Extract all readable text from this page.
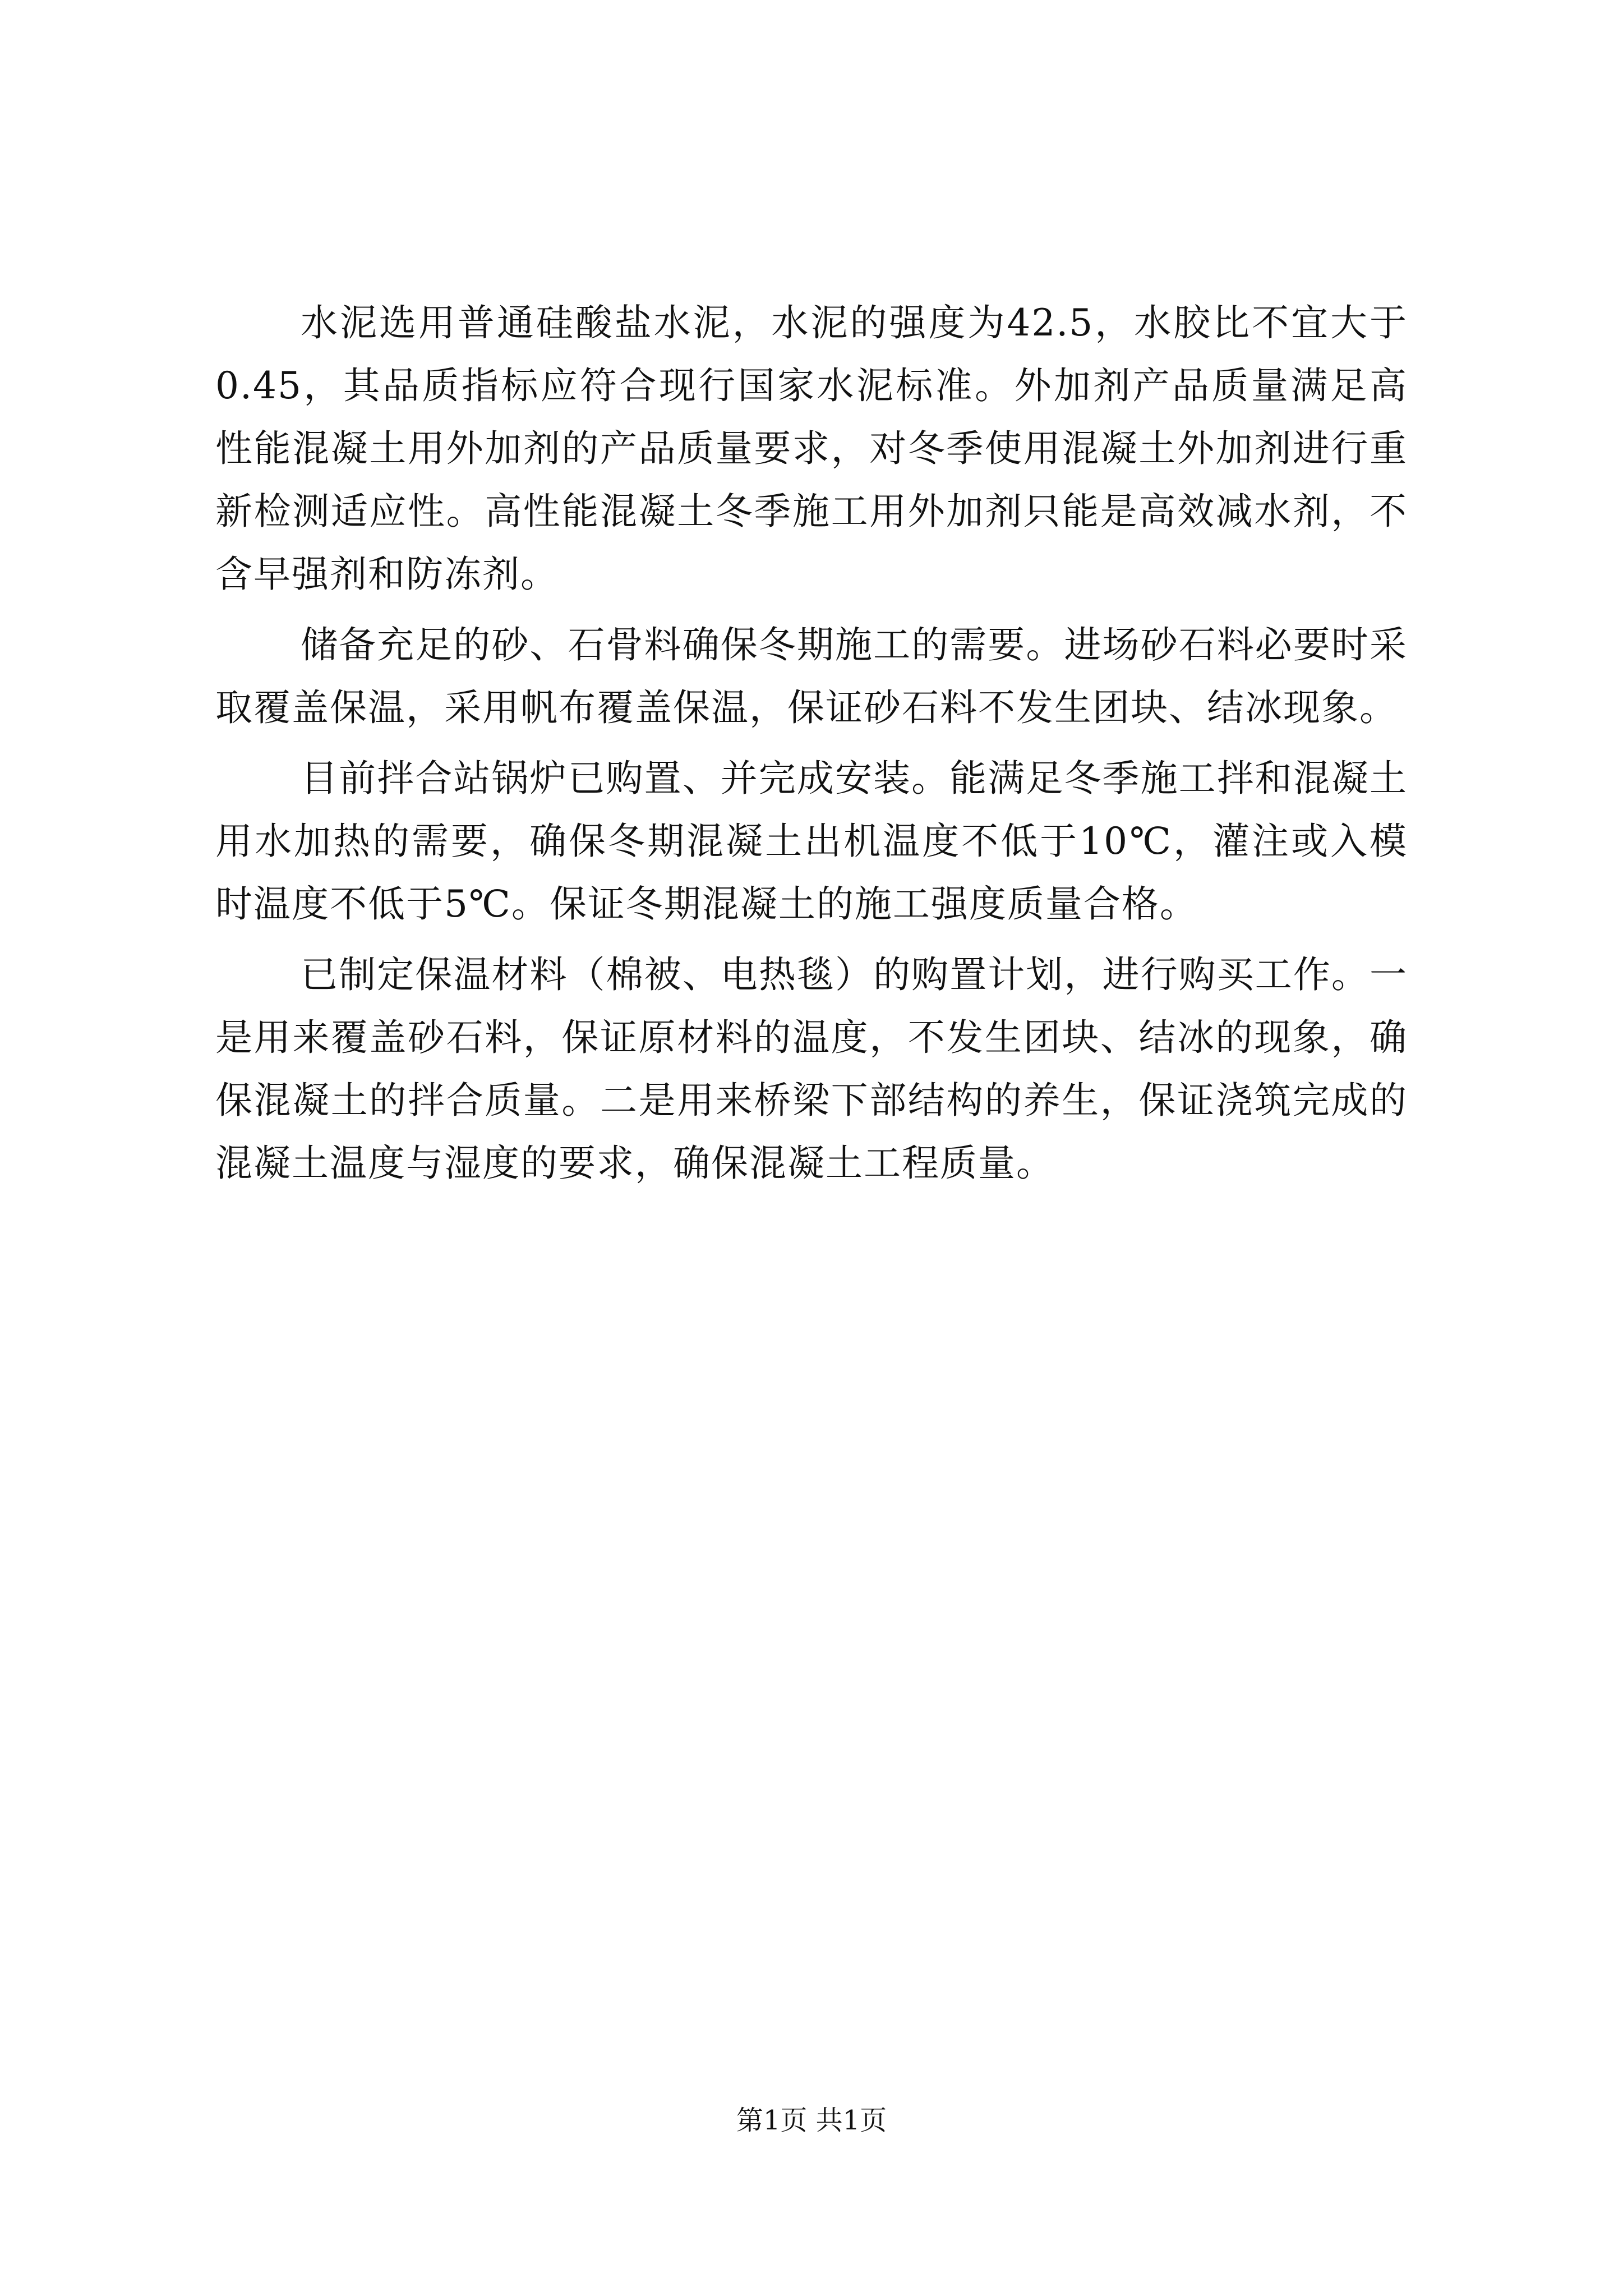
水泥选用普通硅酸盐水泥，水泥的强度为42.5，水胶比不宜大于0.45，其品质指标应符合现行国家水泥标准。外加剂产品质量满足高性能混凝土用外加剂的产品质量要求，对冬季使用混凝土外加剂进行重新检测适应性。高性能混凝土冬季施工用外加剂只能是高效减水剂，不含早强剂和防冻剂。

储备充足的砂、石骨料确保冬期施工的需要。进场砂石料必要时采取覆盖保温，采用帆布覆盖保温，保证砂石料不发生团块、结冰现象。

目前拌合站锅炉已购置、并完成安装。能满足冬季施工拌和混凝土用水加热的需要，确保冬期混凝土出机温度不低于10℃，灌注或入模时温度不低于5℃。保证冬期混凝土的施工强度质量合格。

已制定保温材料（棉被、电热毯）的购置计划，进行购买工作。一是用来覆盖砂石料，保证原材料的温度，不发生团块、结冰的现象，确保混凝土的拌合质量。二是用来桥梁下部结构的养生，保证浇筑完成的混凝土温度与湿度的要求，确保混凝土工程质量。

第1页 共1页
